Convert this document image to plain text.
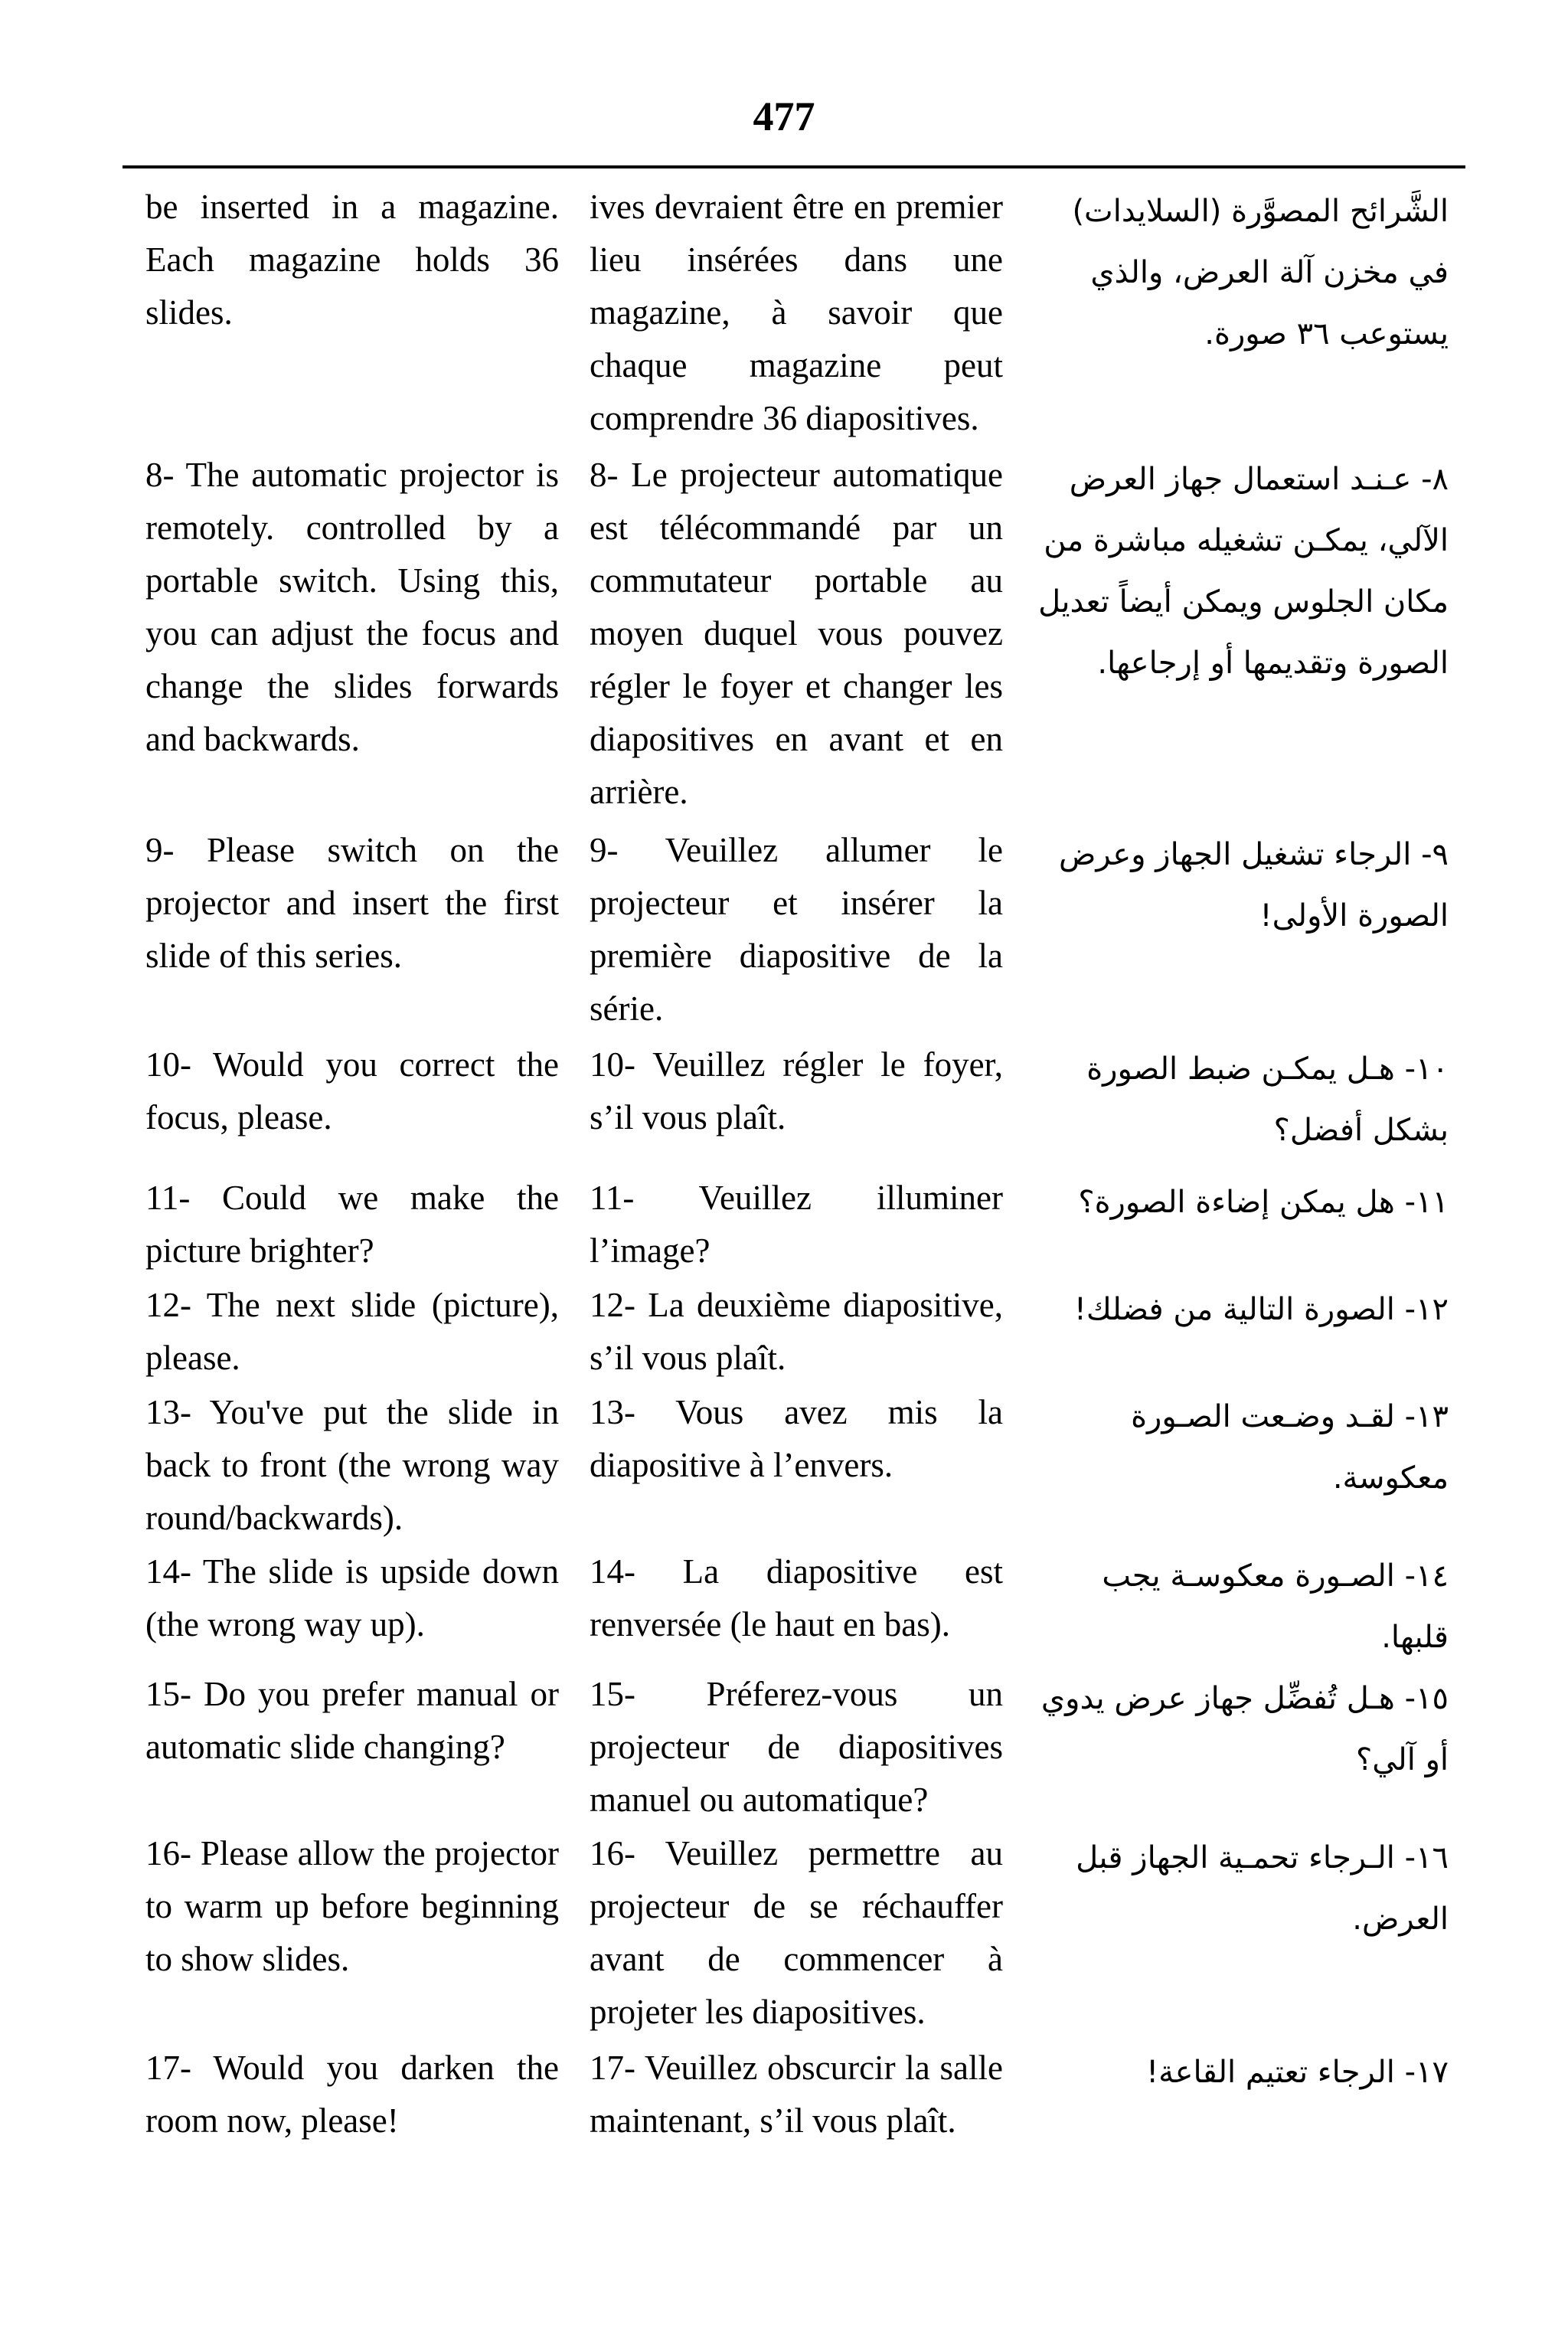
477
be inserted in a magazine. Each magazine holds 36 slides.
ives devraient être en premier lieu insérées dans une magazine, à savoir que chaque magazine peut comprendre 36 diapositives.
الشَّرائح المصوَّرة (السلايدات) في مخزن آلة العرض، والذي يستوعب ٣٦ صورة.
8- The automatic projector is remotely. controlled by a portable switch. Using this, you can adjust the focus and change the slides forwards and backwards.
8- Le projecteur automatique est télécommandé par un commutateur portable au moyen duquel vous pouvez régler le foyer et changer les diapositives en avant et en arrière.
٨- عـنـد استعمال جهاز العرض الآلي، يمكـن تشغيله مباشرة من مكان الجلوس ويمكن أيضاً تعديل الصورة وتقديمها أو إرجاعها.
9- Please switch on the projector and insert the first slide of this series.
9- Veuillez allumer le projecteur et insérer la première diapositive de la série.
٩- الرجاء تشغيل الجهاز وعرض الصورة الأولى!
10- Would you correct the focus, please.
10- Veuillez régler le foyer, s’il vous plaît.
١٠- هـل يمكـن ضبط الصورة بشكل أفضل؟
11- Could we make the picture brighter?
11- Veuillez illuminer l’image?
١١- هل يمكن إضاءة الصورة؟
12- The next slide (picture), please.
12- La deuxième diapositive, s’il vous plaît.
١٢- الصورة التالية من فضلك!
13- You've put the slide in back to front (the wrong way round/backwards).
13- Vous avez mis la diapositive à l’envers.
١٣- لقـد وضـعت الصـورة معكوسة.
14- The slide is upside down (the wrong way up).
14- La diapositive est renversée (le haut en bas).
١٤- الصـورة معكوسـة يجب قلبها.
15- Do you prefer manual or automatic slide changing?
15- Préferez-vous un projecteur de diapositives manuel ou automatique?
١٥- هـل تُفضِّل جهاز عرض يدوي أو آلي؟
16- Please allow the projector to warm up before beginning to show slides.
16- Veuillez permettre au projecteur de se réchauffer avant de commencer à projeter les diapositives.
١٦- الـرجاء تحمـية الجهاز قبل العرض.
17- Would you darken the room now, please!
17- Veuillez obscurcir la salle maintenant, s’il vous plaît.
١٧- الرجاء تعتيم القاعة!
